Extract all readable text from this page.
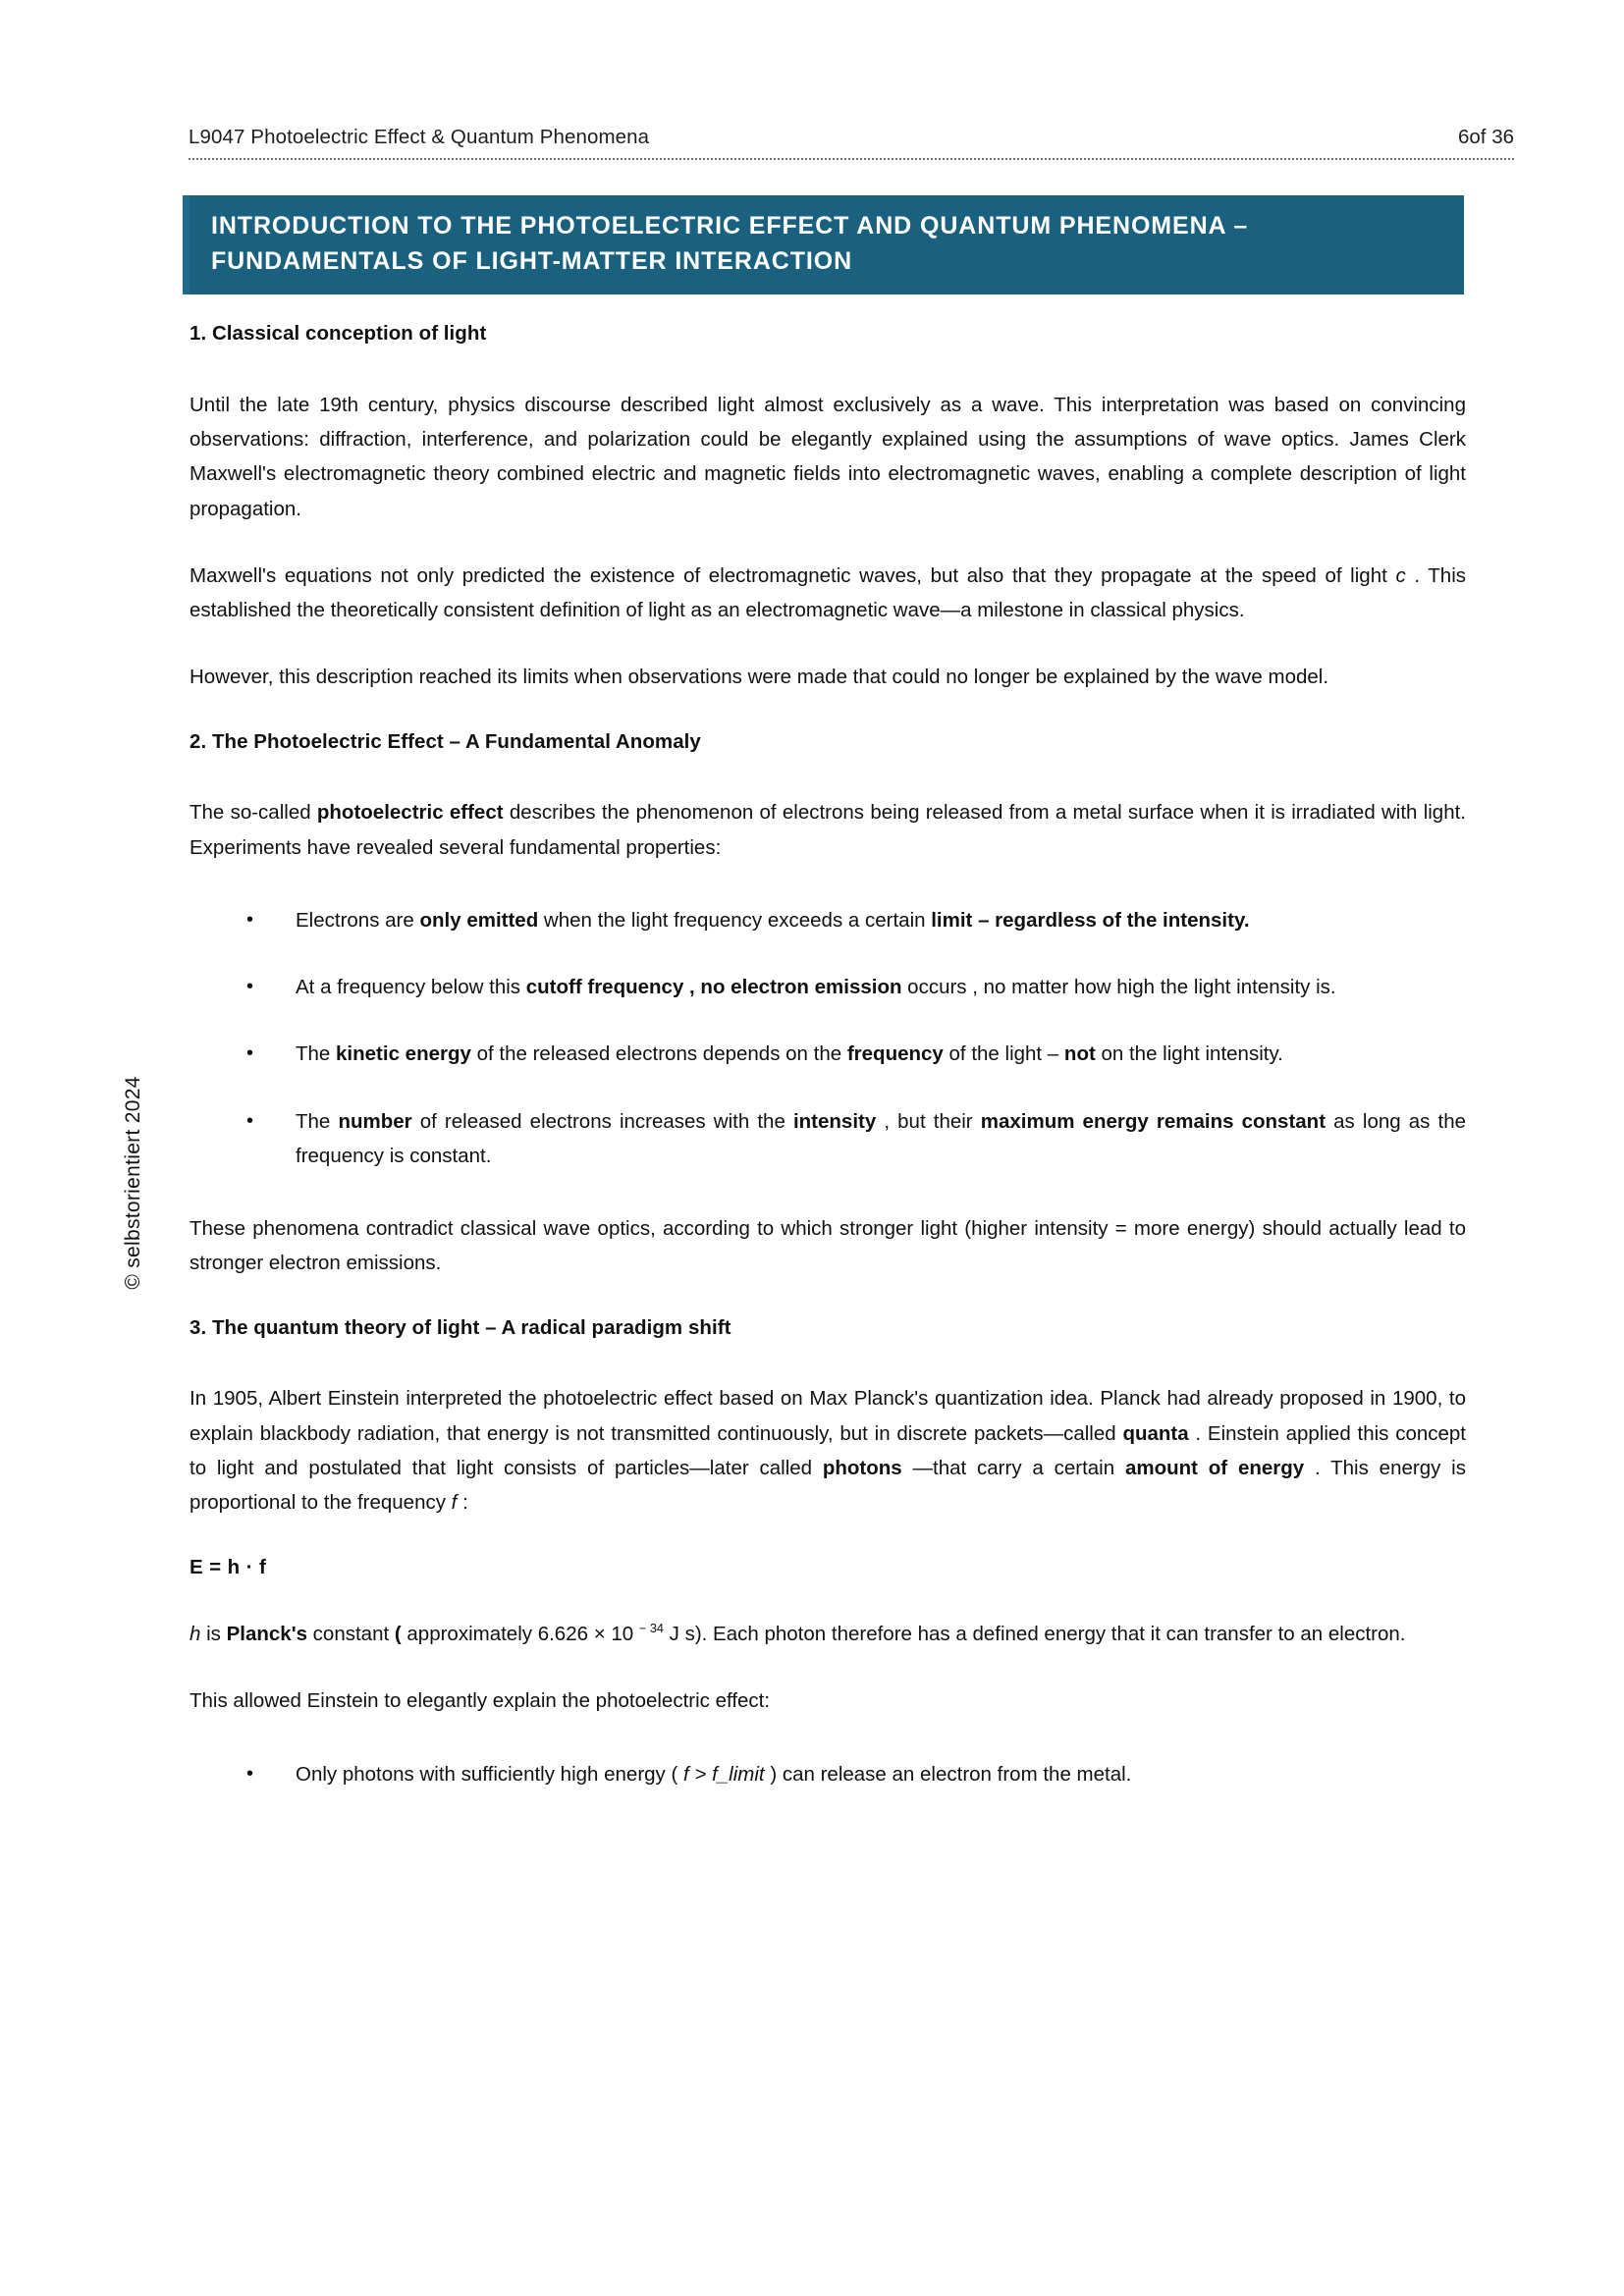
© selbstorientiert 2024
L9047 Photoelectric Effect & Quantum Phenomena	6of 36
INTRODUCTION TO THE PHOTOELECTRIC EFFECT AND QUANTUM PHENOMENA – FUNDAMENTALS OF LIGHT-MATTER INTERACTION
1. Classical conception of light

Until the late 19th century, physics discourse described light almost exclusively as a wave. This interpretation was based on convincing observations: diffraction, interference, and polarization could be elegantly explained using the assumptions of wave optics. James Clerk Maxwell's electromagnetic theory combined electric and magnetic fields into electromagnetic waves, enabling a complete description of light propagation.

Maxwell's equations not only predicted the existence of electromagnetic waves, but also that they propagate at the speed of light c . This established the theoretically consistent definition of light as an electromagnetic wave—a milestone in classical physics.

However, this description reached its limits when observations were made that could no longer be explained by the wave model.

2. The Photoelectric Effect – A Fundamental Anomaly

The so-called photoelectric effect describes the phenomenon of electrons being released from a metal surface when it is irradiated with light. Experiments have revealed several fundamental properties:

• Electrons are only emitted when the light frequency exceeds a certain limit – regardless of the intensity.
• At a frequency below this cutoff frequency , no electron emission occurs , no matter how high the light intensity is.
• The kinetic energy of the released electrons depends on the frequency of the light – not on the light intensity.
• The number of released electrons increases with the intensity , but their maximum energy remains constant as long as the frequency is constant.

These phenomena contradict classical wave optics, according to which stronger light (higher intensity = more energy) should actually lead to stronger electron emissions.

3. The quantum theory of light – A radical paradigm shift

In 1905, Albert Einstein interpreted the photoelectric effect based on Max Planck's quantization idea. Planck had already proposed in 1900, to explain blackbody radiation, that energy is not transmitted continuously, but in discrete packets—called quanta . Einstein applied this concept to light and postulated that light consists of particles—later called photons —that carry a certain amount of energy . This energy is proportional to the frequency f :

E = h · f

h is Planck's constant ( approximately 6.626 × 10 $^{- 34}$ J s). Each photon therefore has a defined energy that it can transfer to an electron.

This allowed Einstein to elegantly explain the photoelectric effect:

• Only photons with sufficiently high energy ( f > f_limit ) can release an electron from the metal.
